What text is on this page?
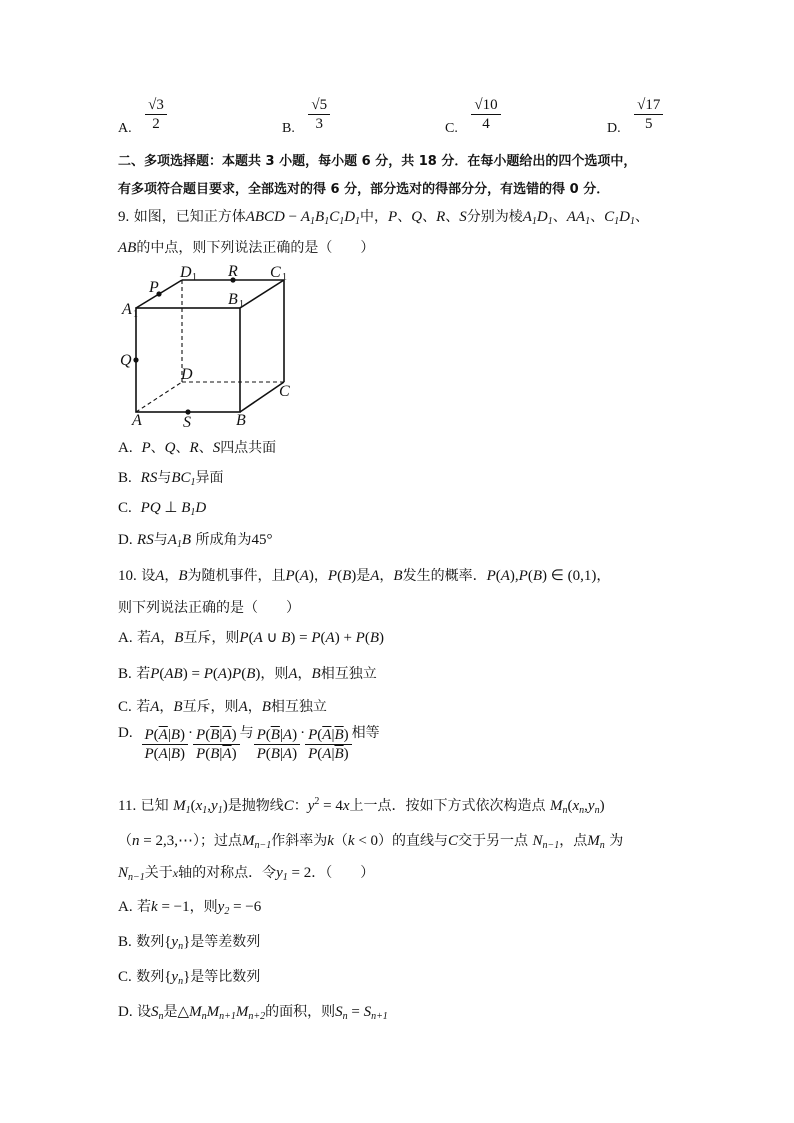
A. $\frac{√3}{2}$	B. $\frac{√5}{3}$	C. $\frac{√10}{4}$	D. $\frac{√17}{5}$
二、多项选择题：本题共 3 小题，每小题 6 分，共 18 分．在每小题给出的四个选项中，
有多项符合题目要求，全部选对的得 6 分，部分选对的得部分分，有选错的得 0 分．
9. 如图，已知正方体ABCD − $A_1B_1C_1D_1$中，P、Q、R、S分别为棱$A_1D_1$、$AA_1$、$C_1D_1$、
AB的中点，则下列说法正确的是（　　）
D 1 R C 1
P
B 1
A 1
Q
D
C
A	S	B
A. P、Q、R、S四点共面
B. RS与$BC_1$异面
C. PQ ⊥ $B_1D$
D. RS与$A_1B$ 所成角为45°
10. 设A，B为随机事件，且P(A)，P(B)是A，B发生的概率．P(A),P(B) ∈ (0,1)，
则下列说法正确的是（　　）
A. 若A，B互斥，则P(A ∪ B) = P(A) + P(B)
B. 若P(AB) = P(A)P(B)，则A，B相互独立
C. 若A，B互斥，则A，B相互独立
D. $\frac{P(\overline{A}|B)}{P(A|B)} \cdot \frac{P(\overline{B}|\overline{A})}{P(B|\overline{A})}$ 与 $\frac{P(\overline{B}|A)}{P(B|A)} \cdot \frac{P(\overline{A}|\overline{B})}{P(A|\overline{B})}$ 相等
11. 已知 $M_1(x_1,y_1)$是抛物线C：$y^2 = 4x$上一点．按如下方式依次构造点 $M_n(x_n,y_n)$
（n = 2,3,⋯）；过点$M_{n-1}$作斜率为k（k < 0）的直线与C交于另一点 $N_{n-1}$，点$M_n$ 为
$N_{n-1}$关于x轴的对称点．令$y_1 = 2$．（　　）
A. 若k = −1，则$y_2 = -6$
B. 数列$\{y_n\}$是等差数列
C. 数列$\{y_n\}$是等比数列
D. 设$S_n$是$\triangle M_nM_{n+1}M_{n+2}$的面积，则$S_n = S_{n+1}$
